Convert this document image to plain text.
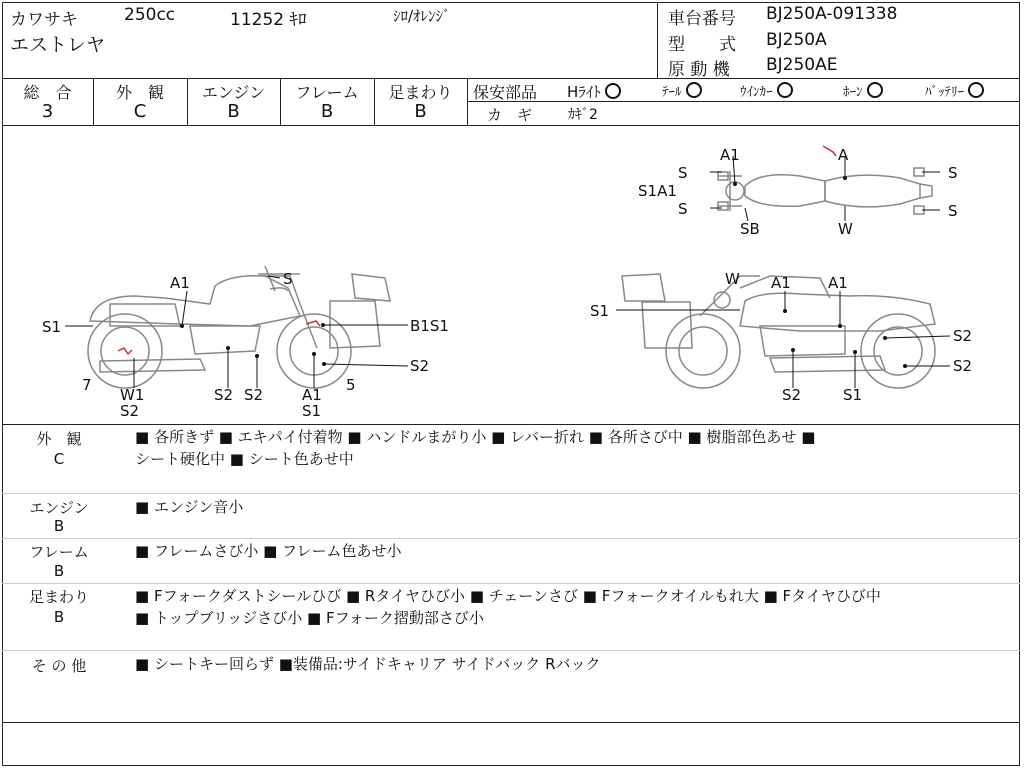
カワサキ	250cc	11252 ｷﾛ	ｼﾛ/ｵﾚﾝｼﾞ
エストレヤ
車台番号 BJ250A-091338
型　　式 BJ250A
原 動 機 BJ250AE
総　合
3
外　観
C
エンジン
B
フレーム
B
足まわり
B
保安部品 Hﾗｲﾄ	ﾃｰﾙ	ｳｲﾝｶｰ	ﾎｰﾝ	ﾊﾞｯﾃﾘｰ
カ　ギ	ｶｷﾞ2
A1	S
S1	B1S1
S2
7
W1
S2
S2 S2	A1
S1
5
W A1 A1
S1
S2
S2
S2	S1
A1	A
S
S1A1
S
S
S
SB	W
外　観
C
■ 各所きず ■ エキパイ付着物 ■ ハンドルまがり小 ■ レバー折れ ■ 各所さび中 ■ 樹脂部色あせ ■
シート硬化中 ■ シート色あせ中
エンジン
B
■ エンジン音小
フレーム
B
■ フレームさび小 ■ フレーム色あせ小
足まわり
B
■ Fフォークダストシールひび ■ Rタイヤひび小 ■ チェーンさび ■ Fフォークオイルもれ大 ■ Fタイヤひび中
■ トップブリッジさび小 ■ Fフォーク摺動部さび小
そ の 他	■ シートキー回らず ■装備品:サイドキャリア サイドバック Rバック
